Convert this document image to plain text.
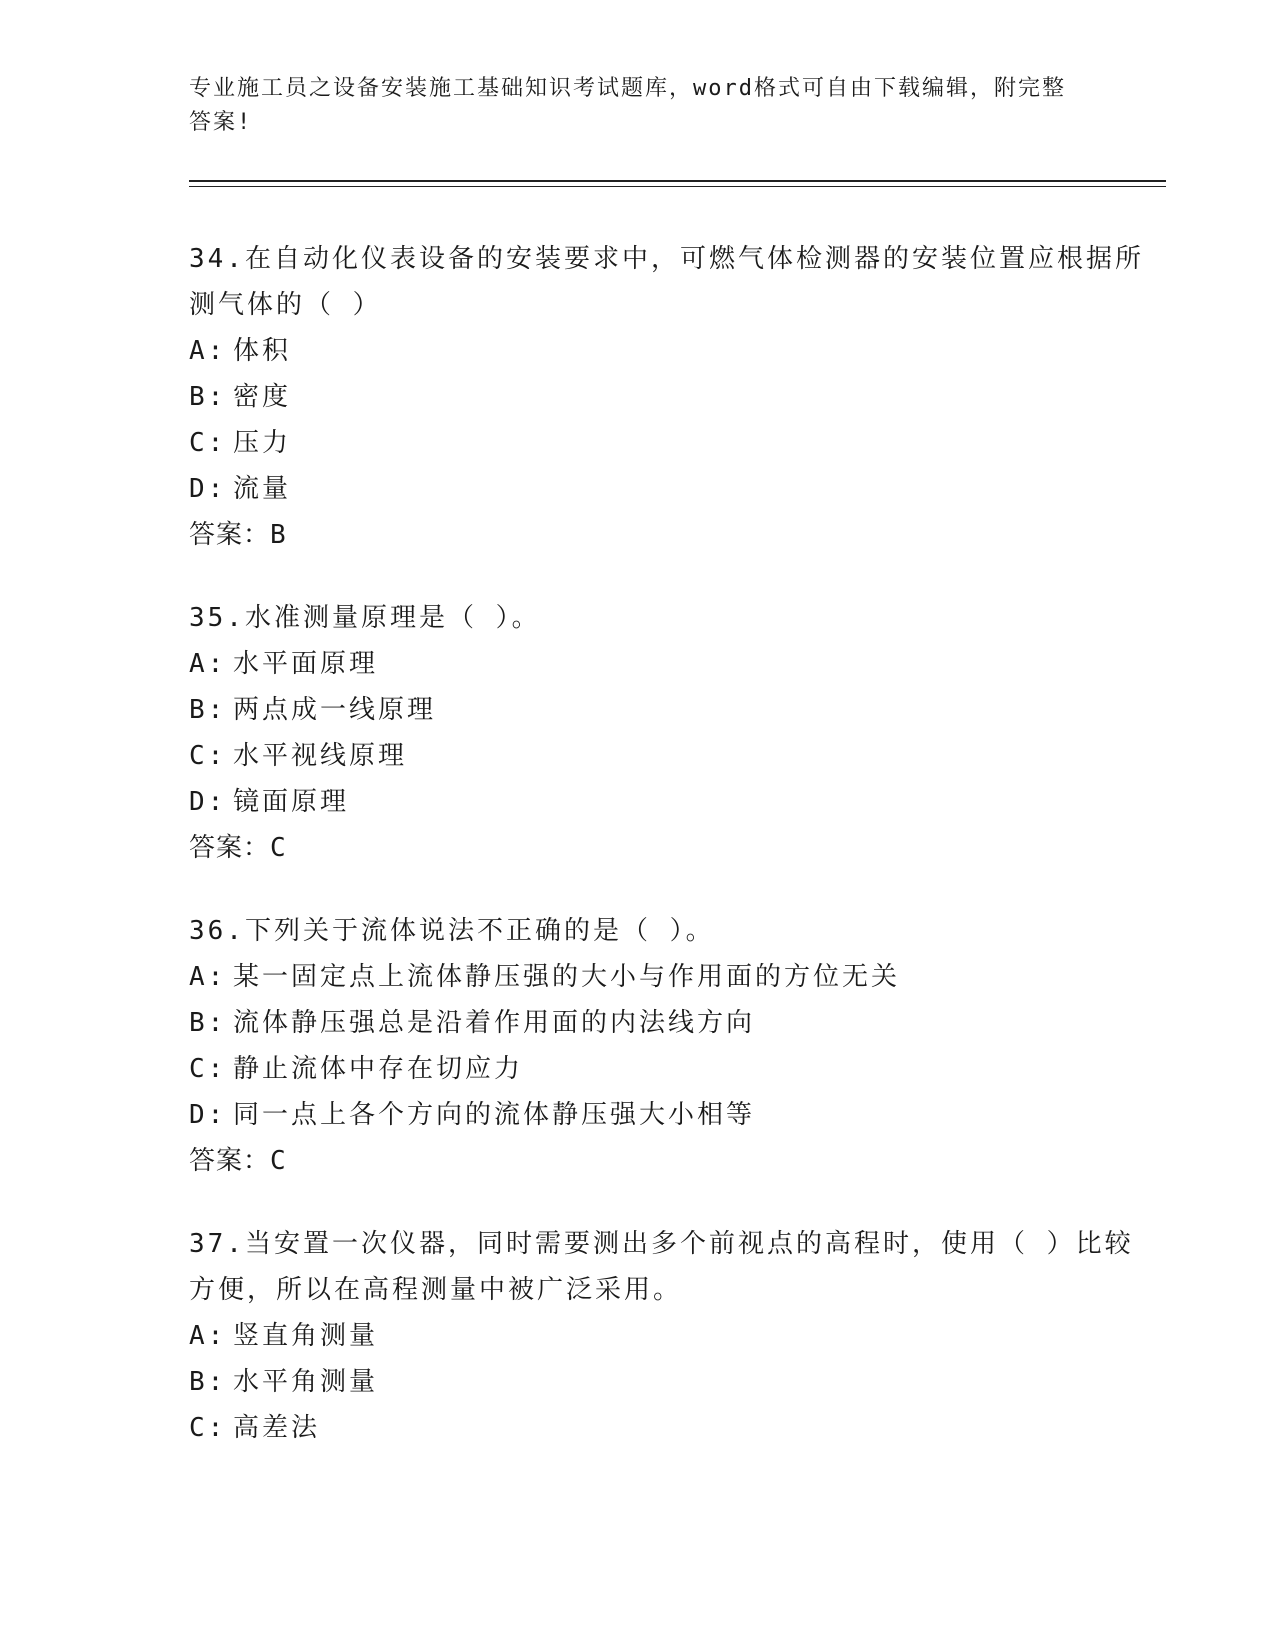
专业施工员之设备安装施工基础知识考试题库，word格式可自由下载编辑，附完整答案!
34.在自动化仪表设备的安装要求中，可燃气体检测器的安装位置应根据所测气体的（ ）
A: 体积
B: 密度
C: 压力
D: 流量
答案：B
35.水准测量原理是（ ）。
A: 水平面原理
B: 两点成一线原理
C: 水平视线原理
D: 镜面原理
答案：C
36.下列关于流体说法不正确的是（ ）。
A: 某一固定点上流体静压强的大小与作用面的方位无关
B: 流体静压强总是沿着作用面的内法线方向
C: 静止流体中存在切应力
D: 同一点上各个方向的流体静压强大小相等
答案：C
37.当安置一次仪器，同时需要测出多个前视点的高程时，使用（ ）比较方便，所以在高程测量中被广泛采用。
A: 竖直角测量
B: 水平角测量
C: 高差法
